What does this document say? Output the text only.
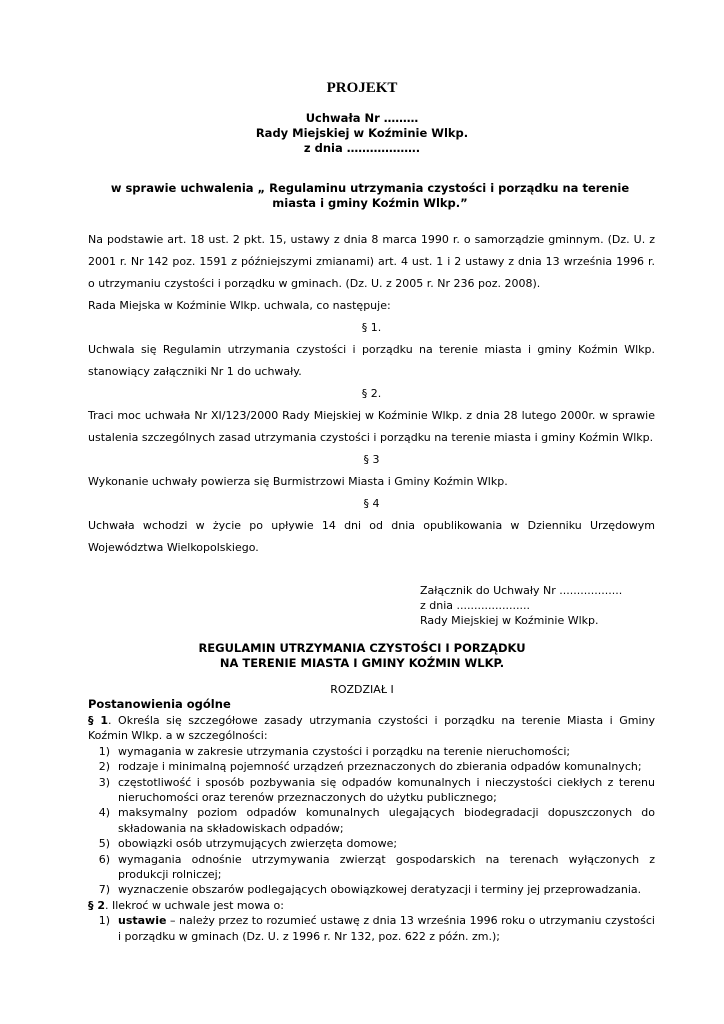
PROJEKT
Uchwała Nr ………
Rady Miejskiej w Koźminie Wlkp.
z dnia ……………….
w sprawie uchwalenia „ Regulaminu utrzymania czystości i porządku na terenie miasta i gminy Koźmin Wlkp.”

Na podstawie art. 18 ust. 2 pkt. 15, ustawy z dnia 8 marca 1990 r. o samorządzie gminnym. (Dz. U. z 2001 r. Nr 142 poz. 1591 z późniejszymi zmianami) art. 4 ust. 1 i 2 ustawy z dnia 13 września 1996 r. o utrzymaniu czystości i porządku w gminach. (Dz. U. z 2005 r. Nr 236 poz. 2008).

Rada Miejska w Koźminie Wlkp. uchwala, co następuje:

§ 1.

Uchwala się Regulamin utrzymania czystości i porządku na terenie miasta i gminy Koźmin Wlkp. stanowiący załączniki Nr 1 do uchwały.

§ 2.

Traci moc uchwała Nr XI/123/2000 Rady Miejskiej w Koźminie Wlkp. z dnia 28 lutego 2000r. w sprawie ustalenia szczególnych zasad utrzymania czystości i porządku na terenie miasta i gminy Koźmin Wlkp.

§ 3

Wykonanie uchwały powierza się Burmistrzowi Miasta i Gminy Koźmin Wlkp.

§ 4

Uchwała wchodzi w życie po upływie 14 dni od dnia opublikowania w Dzienniku Urzędowym Województwa Wielkopolskiego.

Załącznik do Uchwały Nr ..................
z dnia .....................
Rady Miejskiej w Koźminie Wlkp.
REGULAMIN UTRZYMANIA CZYSTOŚCI I PORZĄDKU
NA TERENIE MIASTA I GMINY KOŹMIN WLKP.
ROZDZIAŁ I
Postanowienia ogólne
§ 1. Określa się szczegółowe zasady utrzymania czystości i porządku na terenie Miasta i Gminy Koźmin Wlkp. a w szczególności:
1) wymagania w zakresie utrzymania czystości i porządku na terenie nieruchomości;
2) rodzaje i minimalną pojemność urządzeń przeznaczonych do zbierania odpadów komunalnych;
3) częstotliwość i sposób pozbywania się odpadów komunalnych i nieczystości ciekłych z terenu nieruchomości oraz terenów przeznaczonych do użytku publicznego;
4) maksymalny poziom odpadów komunalnych ulegających biodegradacji dopuszczonych do składowania na składowiskach odpadów;
5) obowiązki osób utrzymujących zwierzęta domowe;
6) wymagania odnośnie utrzymywania zwierząt gospodarskich na terenach wyłączonych z produkcji rolniczej;
7) wyznaczenie obszarów podlegających obowiązkowej deratyzacji i terminy jej przeprowadzania.
§ 2. Ilekroć w uchwale jest mowa o:
1) ustawie – należy przez to rozumieć ustawę z dnia 13 września 1996 roku o utrzymaniu czystości i porządku w gminach (Dz. U. z 1996 r. Nr 132, poz. 622 z późn. zm.);
